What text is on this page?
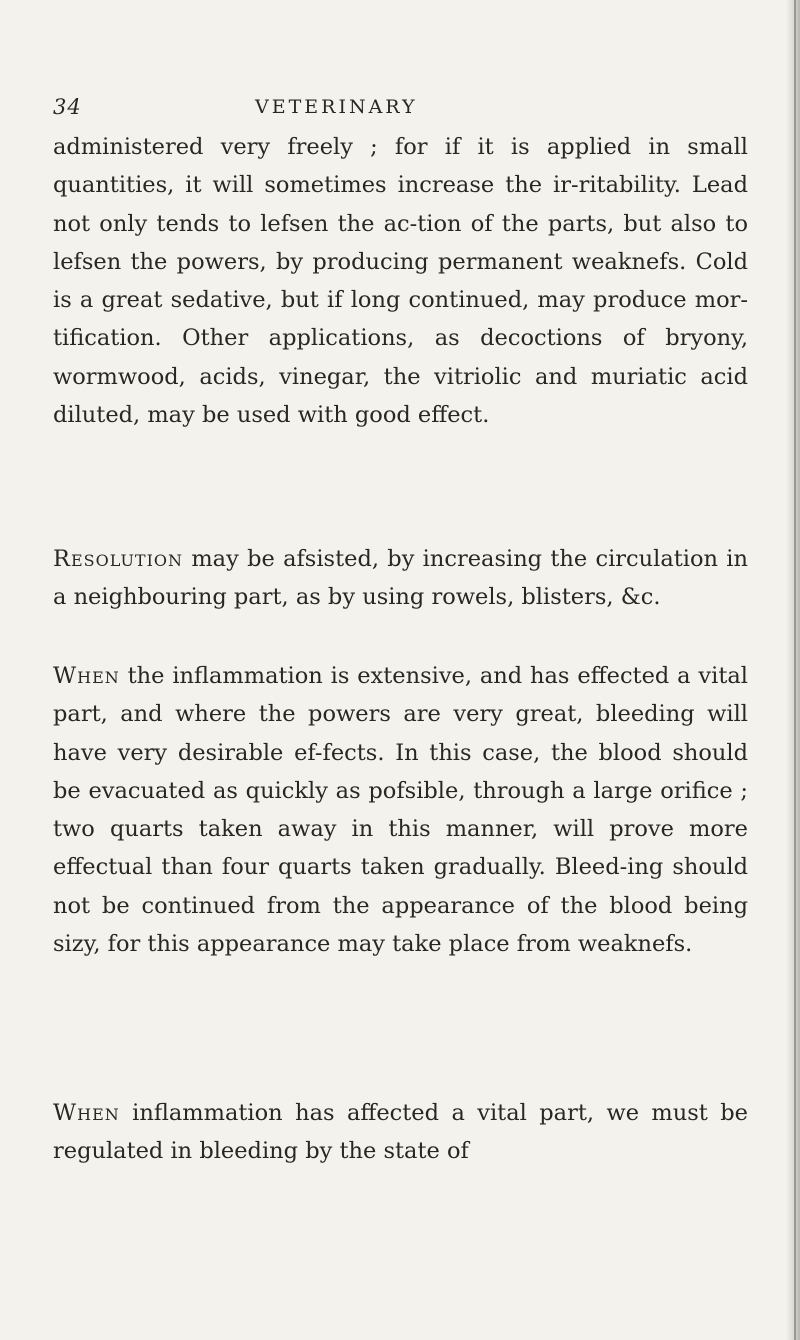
34	VETERINARY

administered very freely ; for if it is applied in small quantities, it will sometimes increase the ir-ritability. Lead not only tends to lefsen the ac-tion of the parts, but also to lefsen the powers, by producing permanent weaknefs. Cold is a great sedative, but if long continued, may produce mor-tification. Other applications, as decoctions of bryony, wormwood, acids, vinegar, the vitriolic and muriatic acid diluted, may be used with good effect.

Resolution may be afsisted, by increasing the circulation in a neighbouring part, as by using rowels, blisters, &c.

When the inflammation is extensive, and has effected a vital part, and where the powers are very great, bleeding will have very desirable ef-fects. In this case, the blood should be evacuated as quickly as pofsible, through a large orifice ; two quarts taken away in this manner, will prove more effectual than four quarts taken gradually. Bleed-ing should not be continued from the appearance of the blood being sizy, for this appearance may take place from weaknefs.

When inflammation has affected a vital part, we must be regulated in bleeding by the state of
